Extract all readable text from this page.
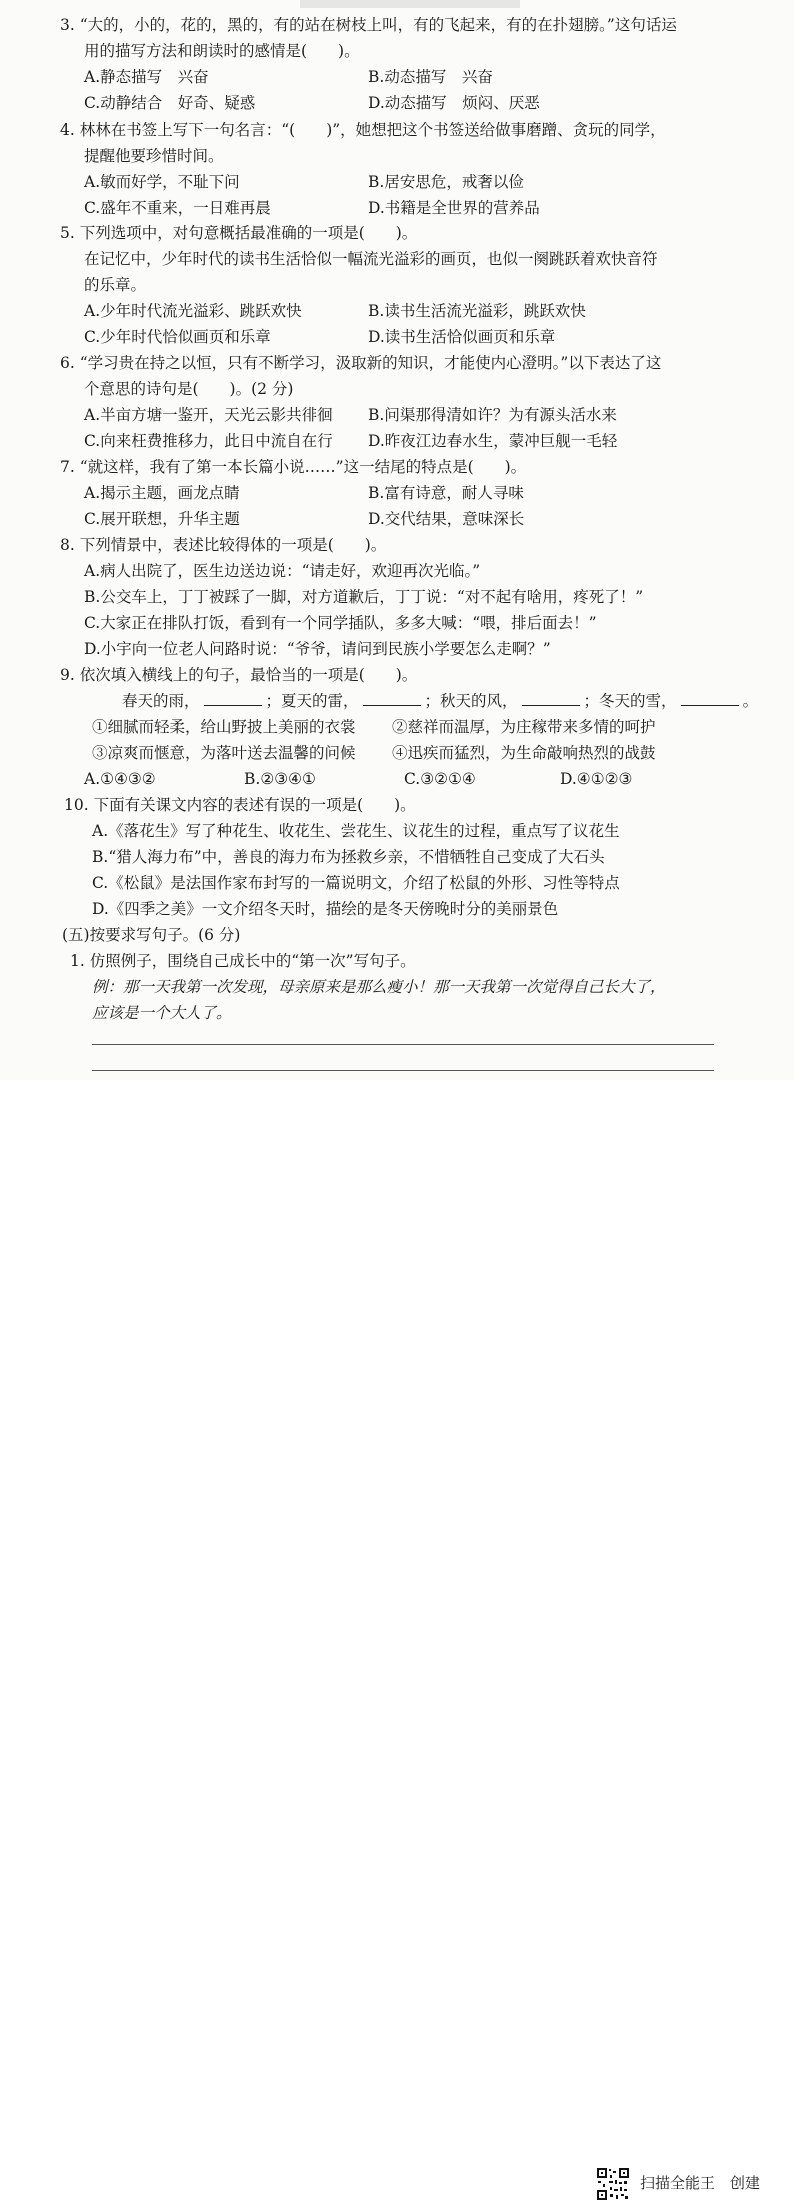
3. “大的，小的，花的，黑的，有的站在树枝上叫，有的飞起来，有的在扑翅膀。”这句话运
用的描写方法和朗读时的感情是(　　)。
A.静态描写　兴奋	B.动态描写　兴奋
C.动静结合　好奇、疑惑	D.动态描写　烦闷、厌恶
4. 林林在书签上写下一句名言：“(　　)”，她想把这个书签送给做事磨蹭、贪玩的同学，
提醒他要珍惜时间。
A.敏而好学，不耻下问	B.居安思危，戒奢以俭
C.盛年不重来，一日难再晨	D.书籍是全世界的营养品
5. 下列选项中，对句意概括最准确的一项是(　　)。
在记忆中，少年时代的读书生活恰似一幅流光溢彩的画页，也似一阕跳跃着欢快音符
的乐章。
A.少年时代流光溢彩、跳跃欢快	B.读书生活流光溢彩，跳跃欢快
C.少年时代恰似画页和乐章	D.读书生活恰似画页和乐章
6. “学习贵在持之以恒，只有不断学习，汲取新的知识，才能使内心澄明。”以下表达了这
个意思的诗句是(　　)。(2 分)
A.半亩方塘一鉴开，天光云影共徘徊 B.问渠那得清如许？为有源头活水来
C.向来枉费推移力，此日中流自在行 D.昨夜江边春水生，蒙冲巨舰一毛轻
7. “就这样，我有了第一本长篇小说……”这一结尾的特点是(　　)。
A.揭示主题，画龙点睛	B.富有诗意，耐人寻味
C.展开联想，升华主题	D.交代结果，意味深长
8. 下列情景中，表述比较得体的一项是(　　)。
A.病人出院了，医生边送边说：“请走好，欢迎再次光临。”
B.公交车上，丁丁被踩了一脚，对方道歉后，丁丁说：“对不起有啥用，疼死了！”
C.大家正在排队打饭，看到有一个同学插队，多多大喊：“喂，排后面去！”
D.小宇向一位老人问路时说：“爷爷，请问到民族小学要怎么走啊？”
9. 依次填入横线上的句子，最恰当的一项是(　　)。
春天的雨，	；夏天的雷，	；秋天的风，	；冬天的雪，	。
①细腻而轻柔，给山野披上美丽的衣裳 ②慈祥而温厚，为庄稼带来多情的呵护
③凉爽而惬意，为落叶送去温馨的问候 ④迅疾而猛烈，为生命敲响热烈的战鼓
A.①④③②	B.②③④①	C.③②①④	D.④①②③
10. 下面有关课文内容的表述有误的一项是(　　)。
A.《落花生》写了种花生、收花生、尝花生、议花生的过程，重点写了议花生
B.“猎人海力布”中，善良的海力布为拯救乡亲，不惜牺牲自己变成了大石头
C.《松鼠》是法国作家布封写的一篇说明文，介绍了松鼠的外形、习性等特点
D.《四季之美》一文介绍冬天时，描绘的是冬天傍晚时分的美丽景色
(五)按要求写句子。(6 分)
1. 仿照例子，围绕自己成长中的“第一次”写句子。
例：那一天我第一次发现，母亲原来是那么瘦小！那一天我第一次觉得自己长大了，
应该是一个大人了。
扫描全能王　创建
